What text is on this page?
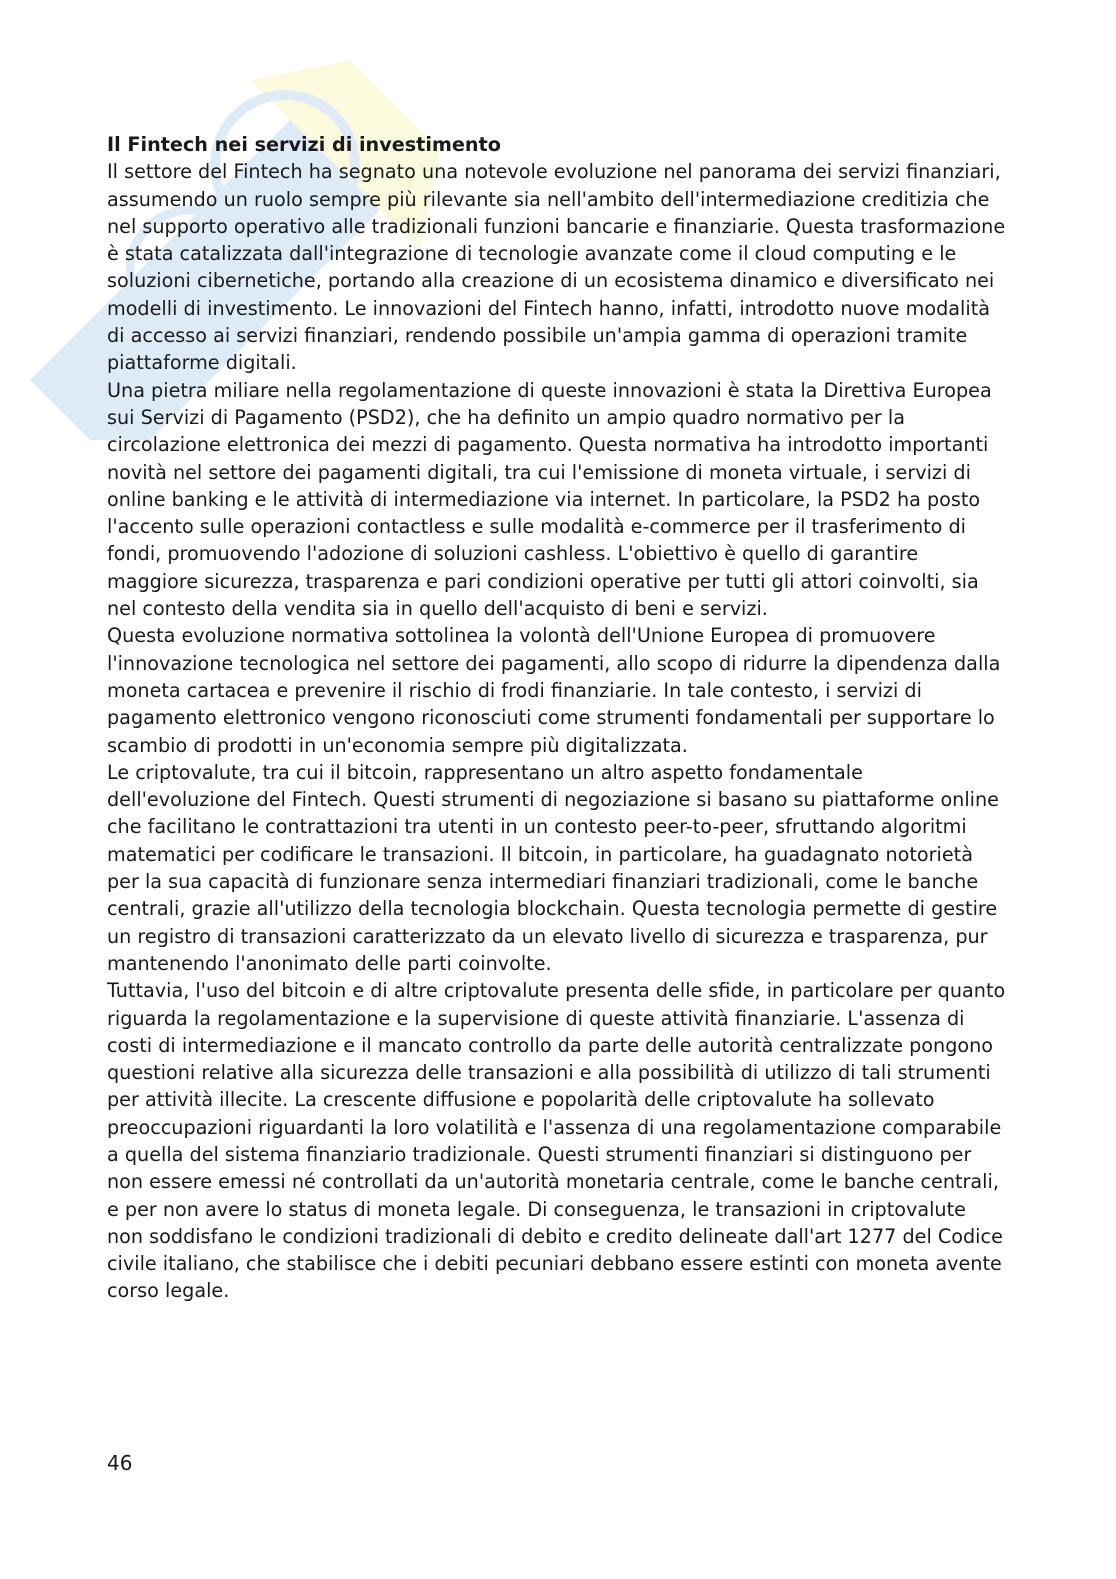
Il Fintech nei servizi di investimento

Il settore del Fintech ha segnato una notevole evoluzione nel panorama dei servizi finanziari, assumendo un ruolo sempre più rilevante sia nell'ambito dell'intermediazione creditizia che nel supporto operativo alle tradizionali funzioni bancarie e finanziarie. Questa trasformazione è stata catalizzata dall'integrazione di tecnologie avanzate come il cloud computing e le soluzioni cibernetiche, portando alla creazione di un ecosistema dinamico e diversificato nei modelli di investimento. Le innovazioni del Fintech hanno, infatti, introdotto nuove modalità di accesso ai servizi finanziari, rendendo possibile un'ampia gamma di operazioni tramite piattaforme digitali.

Una pietra miliare nella regolamentazione di queste innovazioni è stata la Direttiva Europea sui Servizi di Pagamento (PSD2), che ha definito un ampio quadro normativo per la circolazione elettronica dei mezzi di pagamento. Questa normativa ha introdotto importanti novità nel settore dei pagamenti digitali, tra cui l'emissione di moneta virtuale, i servizi di online banking e le attività di intermediazione via internet. In particolare, la PSD2 ha posto l'accento sulle operazioni contactless e sulle modalità e-commerce per il trasferimento di fondi, promuovendo l'adozione di soluzioni cashless. L'obiettivo è quello di garantire maggiore sicurezza, trasparenza e pari condizioni operative per tutti gli attori coinvolti, sia nel contesto della vendita sia in quello dell'acquisto di beni e servizi.

Questa evoluzione normativa sottolinea la volontà dell'Unione Europea di promuovere l'innovazione tecnologica nel settore dei pagamenti, allo scopo di ridurre la dipendenza dalla moneta cartacea e prevenire il rischio di frodi finanziarie. In tale contesto, i servizi di pagamento elettronico vengono riconosciuti come strumenti fondamentali per supportare lo scambio di prodotti in un'economia sempre più digitalizzata.

Le criptovalute, tra cui il bitcoin, rappresentano un altro aspetto fondamentale dell'evoluzione del Fintech. Questi strumenti di negoziazione si basano su piattaforme online che facilitano le contrattazioni tra utenti in un contesto peer-to-peer, sfruttando algoritmi matematici per codificare le transazioni. Il bitcoin, in particolare, ha guadagnato notorietà per la sua capacità di funzionare senza intermediari finanziari tradizionali, come le banche centrali, grazie all'utilizzo della tecnologia blockchain. Questa tecnologia permette di gestire un registro di transazioni caratterizzato da un elevato livello di sicurezza e trasparenza, pur mantenendo l'anonimato delle parti coinvolte.

Tuttavia, l'uso del bitcoin e di altre criptovalute presenta delle sfide, in particolare per quanto riguarda la regolamentazione e la supervisione di queste attività finanziarie. L'assenza di costi di intermediazione e il mancato controllo da parte delle autorità centralizzate pongono questioni relative alla sicurezza delle transazioni e alla possibilità di utilizzo di tali strumenti per attività illecite. La crescente diffusione e popolarità delle criptovalute ha sollevato preoccupazioni riguardanti la loro volatilità e l'assenza di una regolamentazione comparabile a quella del sistema finanziario tradizionale. Questi strumenti finanziari si distinguono per non essere emessi né controllati da un'autorità monetaria centrale, come le banche centrali, e per non avere lo status di moneta legale. Di conseguenza, le transazioni in criptovalute non soddisfano le condizioni tradizionali di debito e credito delineate dall'art 1277 del Codice civile italiano, che stabilisce che i debiti pecuniari debbano essere estinti con moneta avente corso legale.

46
